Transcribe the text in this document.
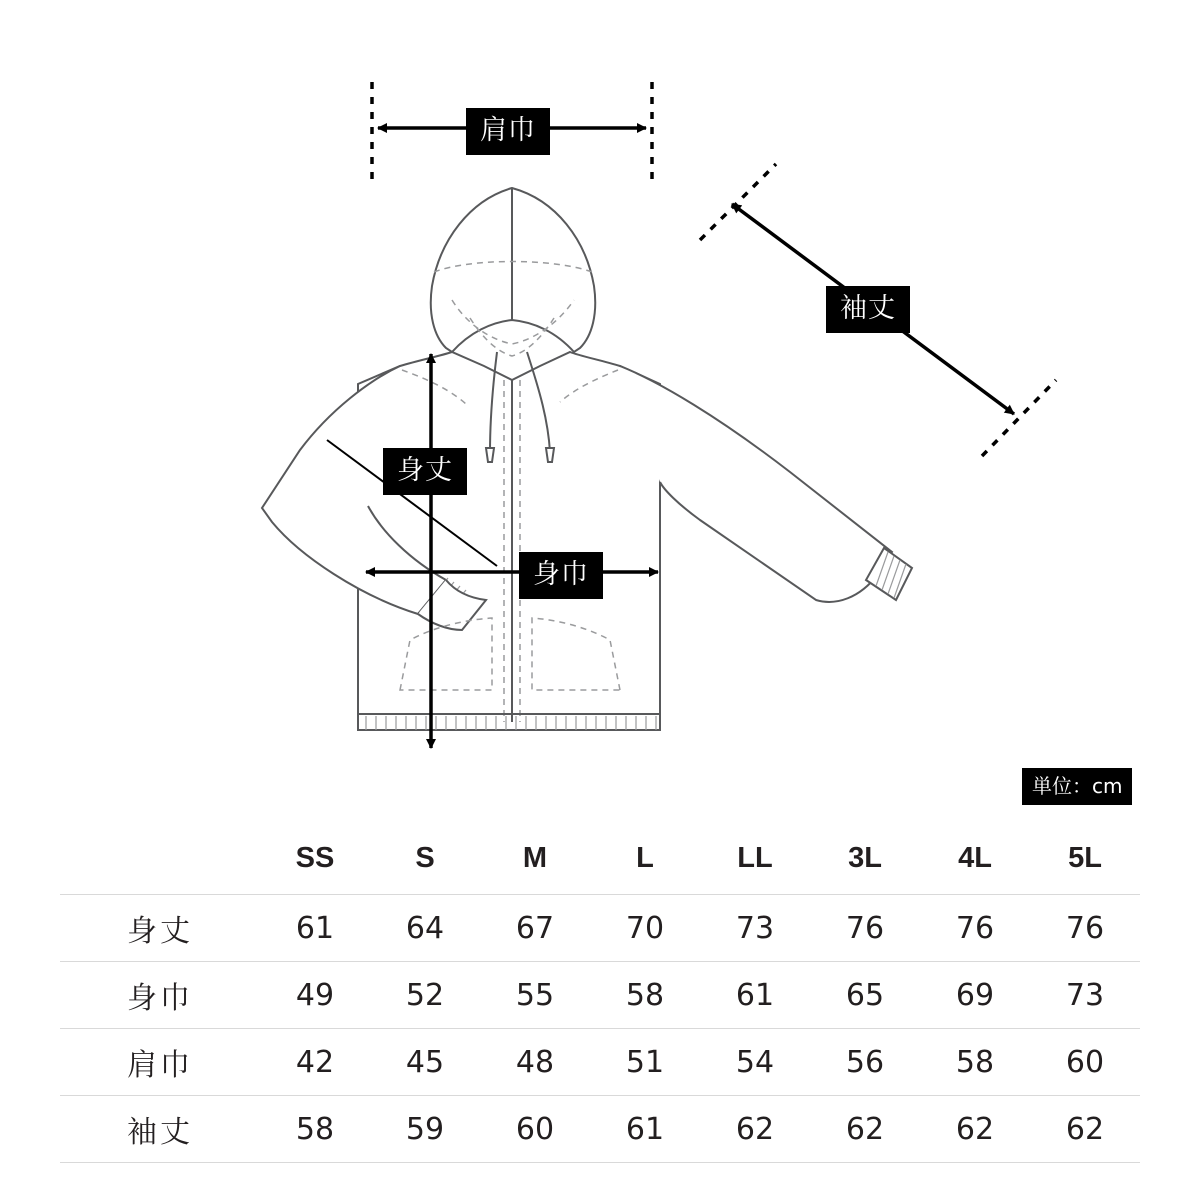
肩巾
袖丈
身丈
身巾
単位：cm
	SS	S	M	L	LL	3L	4L	5L
身丈	61	64	67	70	73	76	76	76
身巾	49	52	55	58	61	65	69	73
肩巾	42	45	48	51	54	56	58	60
袖丈	58	59	60	61	62	62	62	62
